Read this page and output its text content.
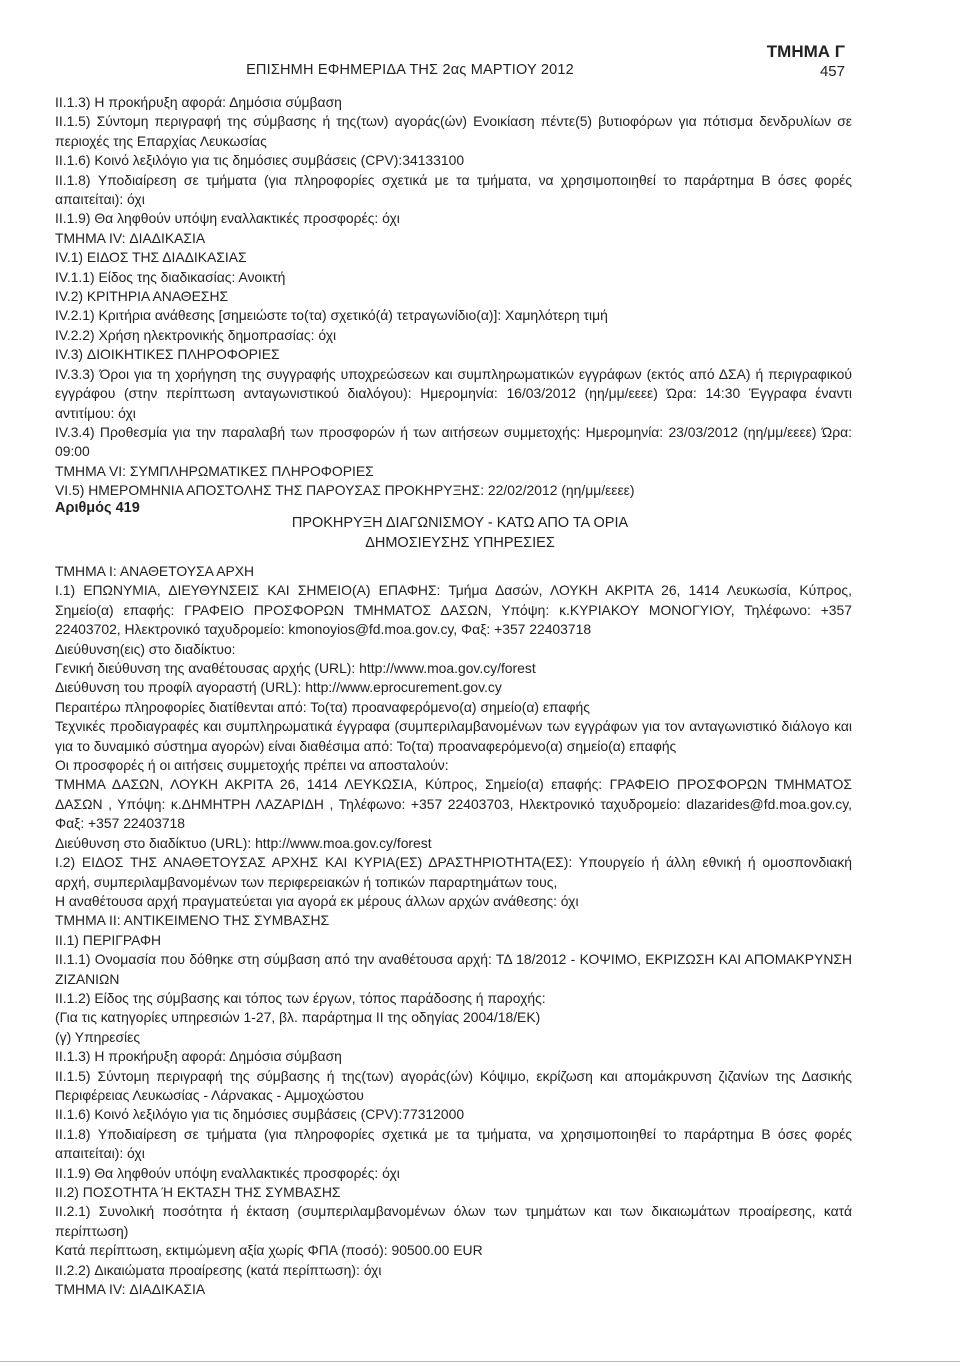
ΕΠΙΣΗΜΗ ΕΦΗΜΕΡΙΔΑ ΤΗΣ 2ας ΜΑΡΤΙΟΥ 2012
ΤΜΗΜΑ Γ
457

II.1.3) Η προκήρυξη αφορά: Δημόσια σύμβαση

II.1.5) Σύντομη περιγραφή της σύμβασης ή της(των) αγοράς(ών) Ενοικίαση πέντε(5) βυτιοφόρων για πότισμα δενδρυλίων σε περιοχές της Επαρχίας Λευκωσίας

II.1.6) Κοινό λεξιλόγιο για τις δημόσιες συμβάσεις (CPV):34133100

II.1.8) Υποδιαίρεση σε τμήματα (για πληροφορίες σχετικά με τα τμήματα, να χρησιμοποιηθεί το παράρτημα Β όσες φορές απαιτείται): όχι

II.1.9) Θα ληφθούν υπόψη εναλλακτικές προσφορές: όχι

ΤΜΗΜΑ IV: ΔΙΑΔΙΚΑΣΙΑ

IV.1) ΕΙΔΟΣ ΤΗΣ ΔΙΑΔΙΚΑΣΙΑΣ

IV.1.1) Είδος της διαδικασίας: Ανοικτή

IV.2) ΚΡΙΤΗΡΙΑ ΑΝΑΘΕΣΗΣ

IV.2.1) Κριτήρια ανάθεσης [σημειώστε το(τα) σχετικό(ά) τετραγωνίδιο(α)]: Χαμηλότερη τιμή

IV.2.2) Χρήση ηλεκτρονικής δημοπρασίας: όχι

IV.3) ΔΙΟΙΚΗΤΙΚΕΣ ΠΛΗΡΟΦΟΡΙΕΣ

IV.3.3) Όροι για τη χορήγηση της συγγραφής υποχρεώσεων και συμπληρωματικών εγγράφων (εκτός από ΔΣΑ) ή περιγραφικού εγγράφου (στην περίπτωση ανταγωνιστικού διαλόγου): Ημερομηνία: 16/03/2012 (ηη/μμ/εεεε) Ώρα: 14:30 Έγγραφα έναντι αντιτίμου: όχι

IV.3.4) Προθεσμία για την παραλαβή των προσφορών ή των αιτήσεων συμμετοχής: Ημερομηνία: 23/03/2012 (ηη/μμ/εεεε) Ώρα: 09:00

ΤΜΗΜΑ VI: ΣΥΜΠΛΗΡΩΜΑΤΙΚΕΣ ΠΛΗΡΟΦΟΡΙΕΣ

VI.5) ΗΜΕΡΟΜΗΝΙΑ ΑΠΟΣΤΟΛΗΣ ΤΗΣ ΠΑΡΟΥΣΑΣ ΠΡΟΚΗΡΥΞΗΣ: 22/02/2012 (ηη/μμ/εεεε)

Αριθμός 419
ΠΡΟΚΗΡΥΞΗ ΔΙΑΓΩΝΙΣΜΟΥ - ΚΑΤΩ ΑΠΟ ΤΑ ΟΡΙΑ ΔΗΜΟΣΙΕΥΣΗΣ ΥΠΗΡΕΣΙΕΣ

ΤΜΗΜΑ Ι: ΑΝΑΘΕΤΟΥΣΑ ΑΡΧΗ

I.1) ΕΠΩΝΥΜΙΑ, ΔΙΕΥΘΥΝΣΕΙΣ ΚΑΙ ΣΗΜΕΙΟ(Α) ΕΠΑΦΗΣ: Τμήμα Δασών, ΛΟΥΚΗ ΑΚΡΙΤΑ 26, 1414 Λευκωσία, Κύπρος, Σημείο(α) επαφής: ΓΡΑΦΕΙΟ ΠΡΟΣΦΟΡΩΝ ΤΜΗΜΑΤΟΣ ΔΑΣΩΝ, Υπόψη: κ.ΚΥΡΙΑΚΟΥ ΜΟΝΟΓΥΙΟΥ, Τηλέφωνο: +357 22403702, Ηλεκτρονικό ταχυδρομείο: kmonoyios@fd.moa.gov.cy, Φαξ: +357 22403718

Διεύθυνση(εις) στο διαδίκτυο:

Γενική διεύθυνση της αναθέτουσας αρχής (URL): http://www.moa.gov.cy/forest

Διεύθυνση του προφίλ αγοραστή (URL): http://www.eprocurement.gov.cy

Περαιτέρω πληροφορίες διατίθενται από: Το(τα) προαναφερόμενο(α) σημείο(α) επαφής

Τεχνικές προδιαγραφές και συμπληρωματικά έγγραφα (συμπεριλαμβανομένων των εγγράφων για τον ανταγωνιστικό διάλογο και για το δυναμικό σύστημα αγορών) είναι διαθέσιμα από: Το(τα) προαναφερόμενο(α) σημείο(α) επαφής

Οι προσφορές ή οι αιτήσεις συμμετοχής πρέπει να αποσταλούν:

ΤΜΗΜΑ ΔΑΣΩΝ, ΛΟΥΚΗ ΑΚΡΙΤΑ 26, 1414 ΛΕΥΚΩΣΙΑ, Κύπρος, Σημείο(α) επαφής: ΓΡΑΦΕΙΟ ΠΡΟΣΦΟΡΩΝ ΤΜΗΜΑΤΟΣ ΔΑΣΩΝ , Υπόψη: κ.ΔΗΜΗΤΡΗ ΛΑΖΑΡΙΔΗ , Τηλέφωνο: +357 22403703, Ηλεκτρονικό ταχυδρομείο: dlazarides@fd.moa.gov.cy, Φαξ: +357 22403718

Διεύθυνση στο διαδίκτυο (URL): http://www.moa.gov.cy/forest

I.2) ΕΙΔΟΣ ΤΗΣ ΑΝΑΘΕΤΟΥΣΑΣ ΑΡΧΗΣ ΚΑΙ ΚΥΡΙΑ(ΕΣ) ΔΡΑΣΤΗΡΙΟΤΗΤΑ(ΕΣ): Υπουργείο ή άλλη εθνική ή ομοσπονδιακή αρχή, συμπεριλαμβανομένων των περιφερειακών ή τοπικών παραρτημάτων τους,

Η αναθέτουσα αρχή πραγματεύεται για αγορά εκ μέρους άλλων αρχών ανάθεσης: όχι

ΤΜΗΜΑ ΙΙ: ΑΝΤΙΚΕΙΜΕΝΟ ΤΗΣ ΣΥΜΒΑΣΗΣ

II.1) ΠΕΡΙΓΡΑΦΗ

II.1.1) Ονομασία που δόθηκε στη σύμβαση από την αναθέτουσα αρχή: ΤΔ 18/2012 - ΚΟΨΙΜΟ, ΕΚΡΙΖΩΣΗ ΚΑΙ ΑΠΟΜΑΚΡΥΝΣΗ ΖΙΖΑΝΙΩΝ

II.1.2) Είδος της σύμβασης και τόπος των έργων, τόπος παράδοσης ή παροχής:

(Για τις κατηγορίες υπηρεσιών 1-27, βλ. παράρτημα ΙΙ της οδηγίας 2004/18/ΕΚ)

(γ) Υπηρεσίες

II.1.3) Η προκήρυξη αφορά: Δημόσια σύμβαση

II.1.5) Σύντομη περιγραφή της σύμβασης ή της(των) αγοράς(ών) Κόψιμο, εκρίζωση και απομάκρυνση ζιζανίων της Δασικής Περιφέρειας Λευκωσίας - Λάρνακας - Αμμοχώστου

II.1.6) Κοινό λεξιλόγιο για τις δημόσιες συμβάσεις (CPV):77312000

II.1.8) Υποδιαίρεση σε τμήματα (για πληροφορίες σχετικά με τα τμήματα, να χρησιμοποιηθεί το παράρτημα Β όσες φορές απαιτείται): όχι

II.1.9) Θα ληφθούν υπόψη εναλλακτικές προσφορές: όχι

II.2) ΠΟΣΟΤΗΤΑ Ή ΕΚΤΑΣΗ ΤΗΣ ΣΥΜΒΑΣΗΣ

II.2.1) Συνολική ποσότητα ή έκταση (συμπεριλαμβανομένων όλων των τμημάτων και των δικαιωμάτων προαίρεσης, κατά περίπτωση)

Κατά περίπτωση, εκτιμώμενη αξία χωρίς ΦΠΑ (ποσό): 90500.00 EUR

II.2.2) Δικαιώματα προαίρεσης (κατά περίπτωση): όχι

ΤΜΗΜΑ IV: ΔΙΑΔΙΚΑΣΙΑ
